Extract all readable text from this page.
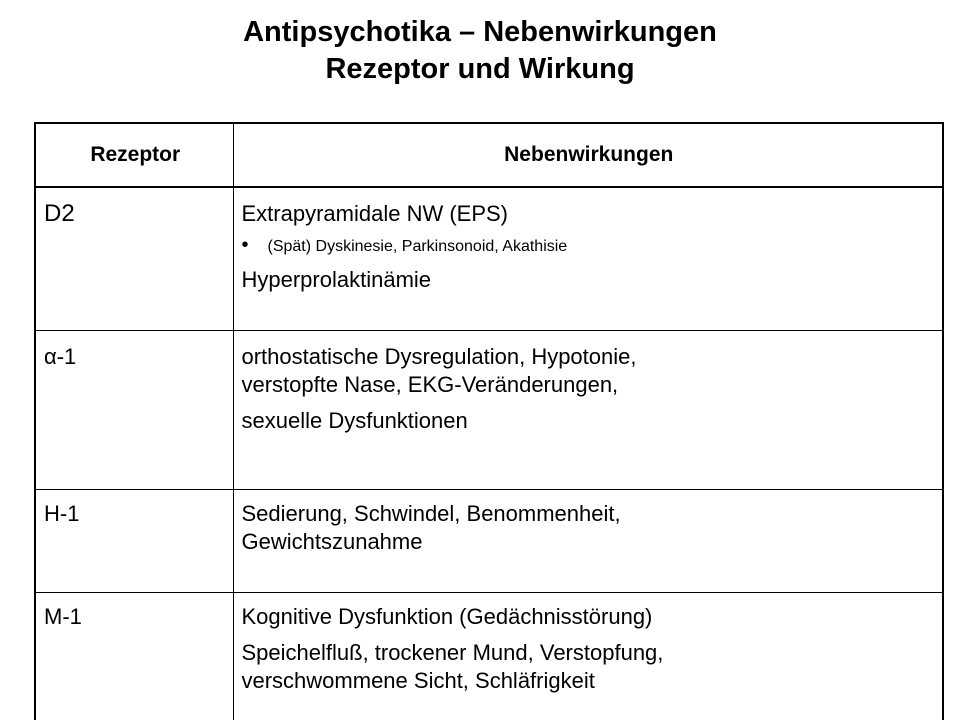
Antipsychotika – Nebenwirkungen
Rezeptor und Wirkung
Rezeptor	Nebenwirkungen
D2	Extrapyramidale NW (EPS)
• (Spät) Dyskinesie, Parkinsonoid, Akathisie
Hyperprolaktinämie

α-1	orthostatische Dysregulation, Hypotonie,
verstopfte Nase, EKG-Veränderungen,
sexuelle Dysfunktionen

H-1	Sedierung, Schwindel, Benommenheit,
Gewichtszunahme

M-1	Kognitive Dysfunktion (Gedächnisstörung)
Speichelfluß, trockener Mund, Verstopfung,
verschwommene Sicht, Schläfrigkeit
